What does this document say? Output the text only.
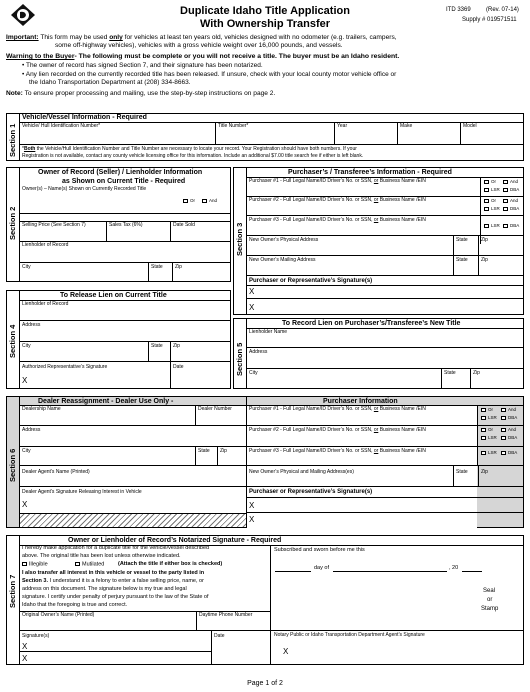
Duplicate Idaho Title Application
With Ownership Transfer
ITD 3369	(Rev. 07-14)
Supply # 019571511
Important: This form may be used only for vehicles at least ten years old, vehicles designed with no odometer (e.g. trailers, campers,
some off-highway vehicles), vehicles with a gross vehicle weight over 16,000 pounds, and vessels.
Warning to the Buyer- The following must be complete or you will not receive a title. The buyer must be an Idaho resident.
• The owner of record has signed Section 7, and their signature has been notarized.
• Any lien recorded on the currently recorded title has been released. If unsure, check with your local county motor vehicle office or
the Idaho Transportation Department at (208) 334-8663.
Note: To ensure proper processing and mailing, use the step-by-step instructions on page 2.
Section 1
Vehicle/Vessel Information - Required
Vehicle/ Hull Identification Number*	Title Number*	Year	Make	Model
*Both the Vehicle/Hull Identification Number and Title Number are necessary to locate your record. Your Registration should have both numbers. If your
Registration is not available, contact any county vehicle licensing office for this information. Include an additional $7.00 title search fee if either is left blank.
Section 2
Owner of Record (Seller) / Lienholder Information
as Shown on Current Title - Required
Owner(s) – Name(s) Shown on Currently Recorded Title
Or	And
Selling Price (See Section 7)	Sales Tax (6%)	Date Sold
Lienholder of Record
City	State Zip
Section 3
Purchaser’s / Transferee’s Information - Required
Purchaser #1 - Full Legal Name/ID Driver’s No. or SSN, or Business Name /EIN	Or	And
LSR	DBA
Purchaser #2 - Full Legal Name/ID Driver’s No. or SSN, or Business Name /EIN	Or	And
LSR	DBA
Purchaser #3 - Full Legal Name/ID Driver’s No. or SSN, or Business Name /EIN
LSR	DBA
New Owner’s Physical Address	State	Zip
New Owner’s Mailing Address	State	Zip
Purchaser or Representative’s Signature(s)
X
X
Section 4
To Release Lien on Current Title
Lienholder of Record
Address
City	State Zip
Authorized Representative’s Signature	Date
X
Section 5
To Record Lien on Purchaser’s/Transferee’s New Title
Lienholder Name
Address
City	State	Zip
Section 6
Dealer Reassignment - Dealer Use Only -	Purchaser Information
Dealership Name	Dealer Number	Purchaser #1 - Full Legal Name/ID Driver’s No. or SSN, or Business Name /EIN	Or	And
LSR	DBA
Address	Purchaser #2 - Full Legal Name/ID Driver’s No. or SSN, or Business Name /EIN	Or	And
LSR	DBA
City	State Zip	Purchaser #3 - Full Legal Name/ID Driver’s No. or SSN, or Business Name /EIN	LSR	DBA
Dealer Agent’s Name (Printed)	New Owner’s Physical and Mailing Address(es)	State	Zip
Dealer Agent’s Signature Releasing Interest in Vehicle
X
Purchaser or Representative’s Signature(s)
X
X
Section 7
Owner or Lienholder of Record’s Notarized Signature - Required
I hereby make application for a duplicate title for the vehicle/vessel described
above. The original title has been lost unless otherwise indicated.
Illegible	Mutilated (Attach the title if either box is checked)
I also transfer all interest in this vehicle or vessel to the party listed in
Section 3. I understand it is a felony to enter a false selling price, name, or
address on this document. The signature below is my true and legal
signature. I certify under penalty of perjury pursuant to the law of the State of
Idaho that the foregoing is true and correct.
Original Owner’s Name (Printed)	Daytime Phone Number
Signature(s)	Date
X
X
Subscribed and sworn before me this
day of	, 20
Seal
or
Stamp
Notary Public or Idaho Transportation Department Agent’s Signature
X
Page 1 of 2
